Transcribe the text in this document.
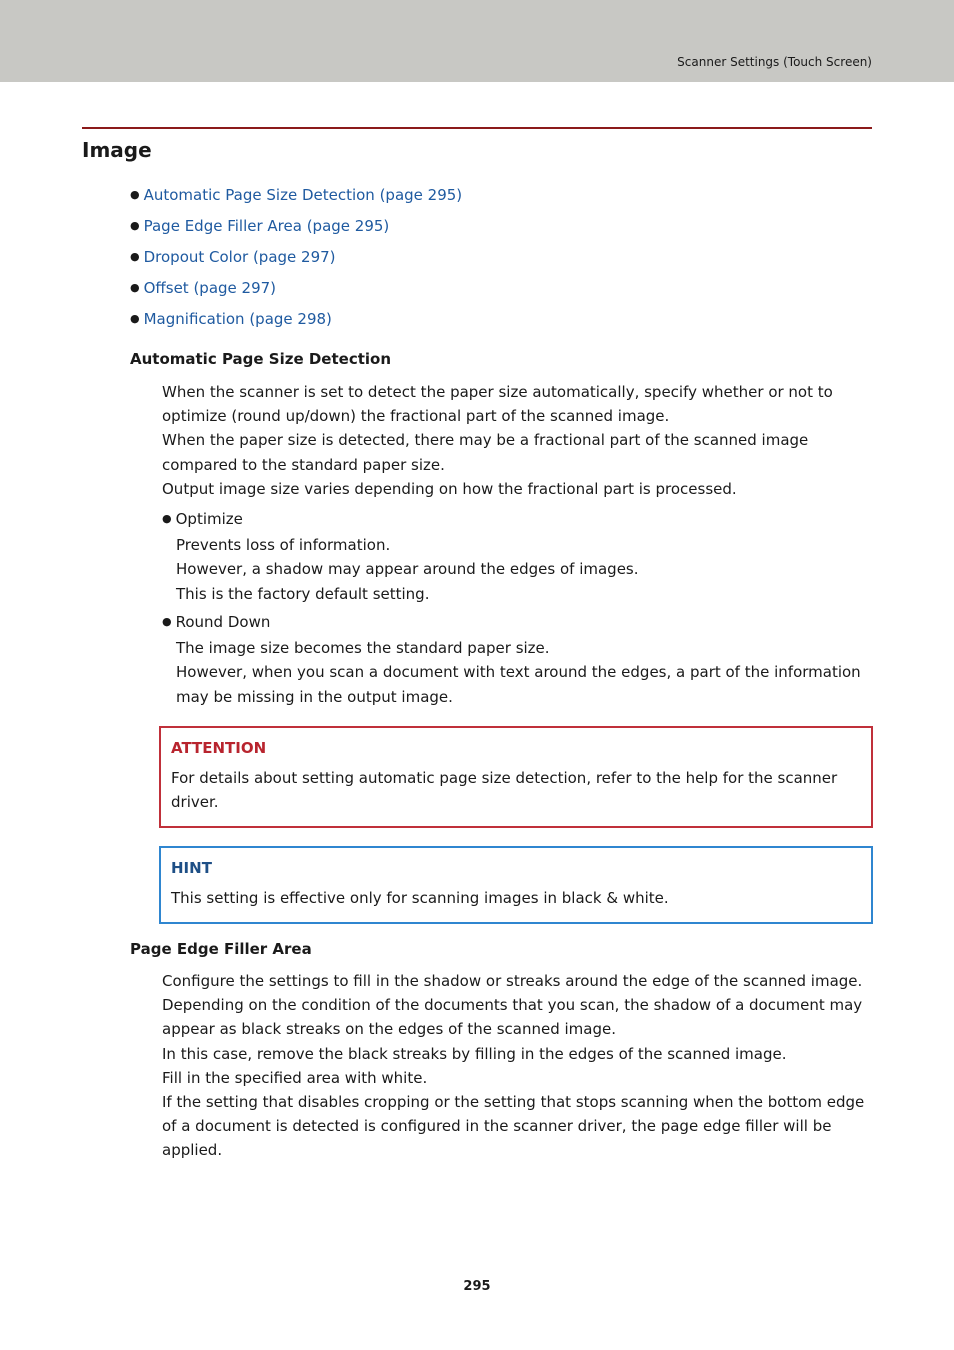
Scanner Settings (Touch Screen)
Image
● Automatic Page Size Detection (page 295)
● Page Edge Filler Area (page 295)
● Dropout Color (page 297)
● Offset (page 297)
● Magnification (page 298)
Automatic Page Size Detection
When the scanner is set to detect the paper size automatically, specify whether or not to
optimize (round up/down) the fractional part of the scanned image.
When the paper size is detected, there may be a fractional part of the scanned image
compared to the standard paper size.
Output image size varies depending on how the fractional part is processed.
● Optimize
Prevents loss of information.
However, a shadow may appear around the edges of images.
This is the factory default setting.
● Round Down
The image size becomes the standard paper size.
However, when you scan a document with text around the edges, a part of the information
may be missing in the output image.
ATTENTION
For details about setting automatic page size detection, refer to the help for the scanner
driver.
HINT
This setting is effective only for scanning images in black & white.
Page Edge Filler Area
Configure the settings to fill in the shadow or streaks around the edge of the scanned image.
Depending on the condition of the documents that you scan, the shadow of a document may
appear as black streaks on the edges of the scanned image.
In this case, remove the black streaks by filling in the edges of the scanned image.
Fill in the specified area with white.
If the setting that disables cropping or the setting that stops scanning when the bottom edge
of a document is detected is configured in the scanner driver, the page edge filler will be
applied.
295
